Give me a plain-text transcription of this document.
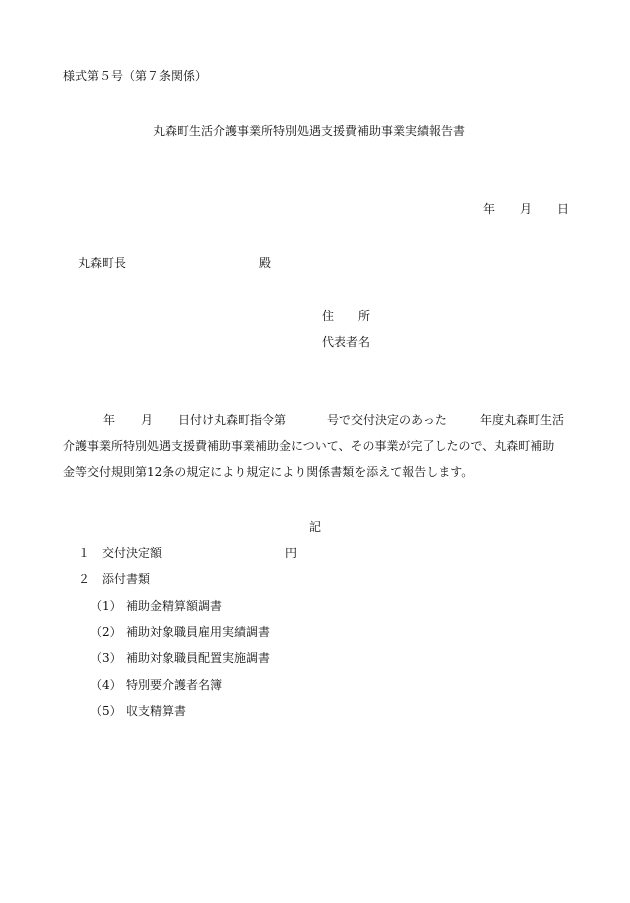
様式第５号（第７条関係）
丸森町生活介護事業所特別処遇支援費補助事業実績報告書
年 月 日
丸森町長	殿
住　　所
代表者名
年 月 日付け丸森町指令第	号で交付決定のあった	年度丸森町生活
介護事業所特別処遇支援費補助事業補助金について、その事業が完了したので、丸森町補助
金等交付規則第12条の規定により規定により関係書類を添えて報告します。
記
１ 交付決定額	円
２ 添付書類
（1） 補助金精算額調書
（2） 補助対象職員雇用実績調書
（3） 補助対象職員配置実施調書
（4） 特別要介護者名簿
（5） 収支精算書
